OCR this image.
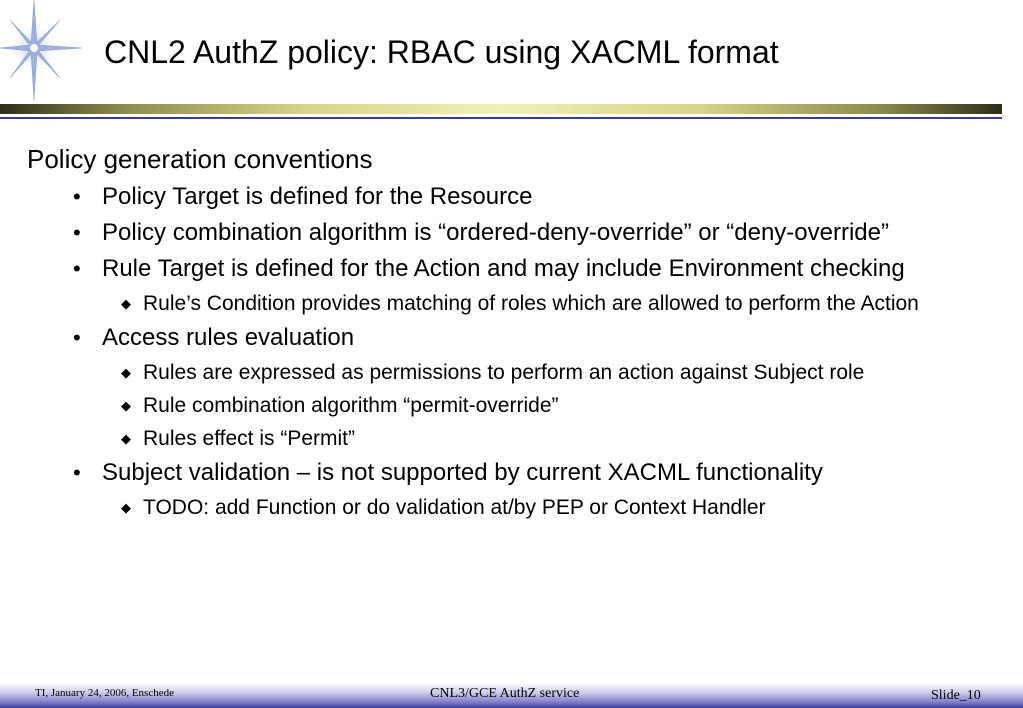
CNL2 AuthZ policy: RBAC using XACML format
Policy generation conventions
• Policy Target is defined for the Resource
• Policy combination algorithm is “ordered-deny-override” or “deny-override”
• Rule Target is defined for the Action and may include Environment checking
◆ Rule’s Condition provides matching of roles which are allowed to perform the Action
• Access rules evaluation
◆ Rules are expressed as permissions to perform an action against Subject role
◆ Rule combination algorithm “permit-override”
◆ Rules effect is “Permit”
• Subject validation – is not supported by current XACML functionality
◆ TODO: add Function or do validation at/by PEP or Context Handler
TI, January 24, 2006, Enschede	CNL3/GCE AuthZ service	Slide_10
